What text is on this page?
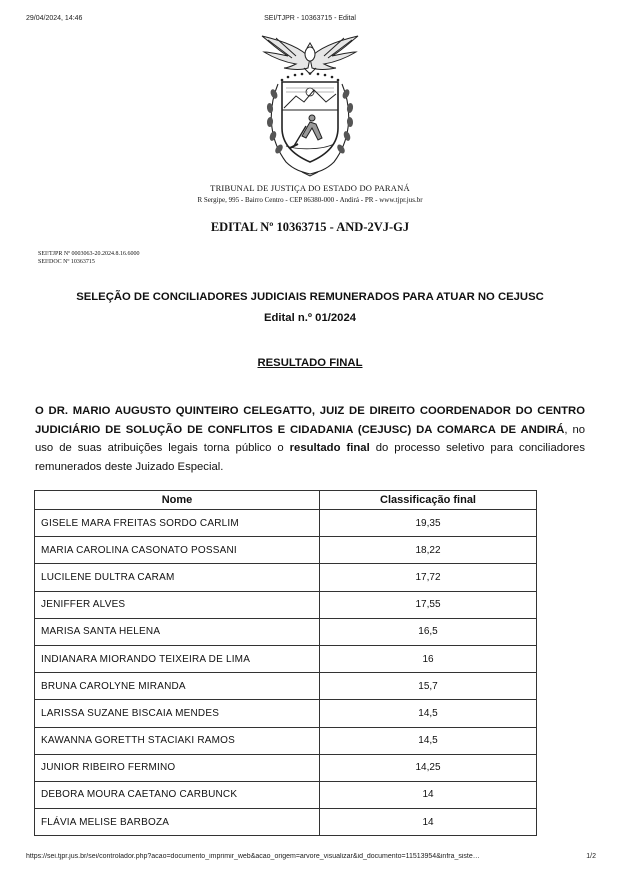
29/04/2024, 14:46	SEI/TJPR - 10363715 - Edital
TRIBUNAL DE JUSTIÇA DO ESTADO DO PARANÁ
R Sergipe, 995 - Bairro Centro - CEP 86380-000 - Andirá - PR - www.tjpr.jus.br
EDITAL Nº 10363715 - AND-2VJ-GJ
SEI!TJPR Nº 0003063-20.2024.8.16.6000
SEI!DOC Nº 10363715
SELEÇÃO DE CONCILIADORES JUDICIAIS REMUNERADOS PARA ATUAR NO CEJUSC
Edital n.º 01/2024
RESULTADO FINAL
O DR. MARIO AUGUSTO QUINTEIRO CELEGATTO, JUIZ DE DIREITO COORDENADOR DO CENTRO JUDICIÁRIO DE SOLUÇÃO DE CONFLITOS E CIDADANIA (CEJUSC) DA COMARCA DE ANDIRÁ, no uso de suas atribuições legais torna público o resultado final do processo seletivo para conciliadores remunerados deste Juizado Especial.
Nome	Classificação final
GISELE MARA FREITAS SORDO CARLIM	19,35
MARIA CAROLINA CASONATO POSSANI	18,22
LUCILENE DULTRA CARAM	17,72
JENIFFER ALVES	17,55
MARISA SANTA HELENA	16,5
INDIANARA MIORANDO TEIXEIRA DE LIMA	16
BRUNA CAROLYNE MIRANDA	15,7
LARISSA SUZANE BISCAIA MENDES	14,5
KAWANNA GORETTH STACIAKI RAMOS	14,5
JUNIOR RIBEIRO FERMINO	14,25
DEBORA MOURA CAETANO CARBUNCK	14
FLÁVIA MELISE BARBOZA	14
https://sei.tjpr.jus.br/sei/controlador.php?acao=documento_imprimir_web&acao_origem=arvore_visualizar&id_documento=11513954&infra_siste…	1/2
